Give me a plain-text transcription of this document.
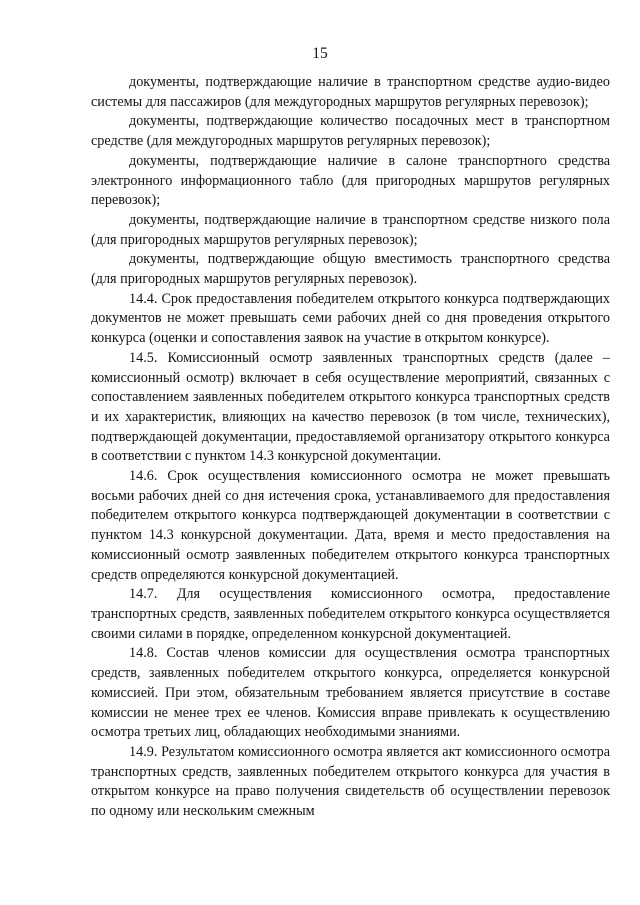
15

документы, подтверждающие наличие в транспортном средстве аудио-видео системы для пассажиров (для междугородных маршрутов регулярных перевозок);

документы, подтверждающие количество посадочных мест в транспортном средстве (для междугородных маршрутов регулярных перевозок);

документы, подтверждающие наличие в салоне транспортного средства электронного информационного табло (для пригородных маршрутов регулярных перевозок);

документы, подтверждающие наличие в транспортном средстве низкого пола (для пригородных маршрутов регулярных перевозок);

документы, подтверждающие общую вместимость транспортного средства (для пригородных маршрутов регулярных перевозок).

14.4. Срок предоставления победителем открытого конкурса подтверждающих документов не может превышать семи рабочих дней со дня проведения открытого конкурса (оценки и сопоставления заявок на участие в открытом конкурсе).

14.5. Комиссионный осмотр заявленных транспортных средств (далее – комиссионный осмотр) включает в себя осуществление мероприятий, связанных с сопоставлением заявленных победителем открытого конкурса транспортных средств и их характеристик, влияющих на качество перевозок (в том числе, технических), подтверждающей документации, предоставляемой организатору открытого конкурса в соответствии с пунктом 14.3 конкурсной документации.

14.6. Срок осуществления комиссионного осмотра не может превышать восьми рабочих дней со дня истечения срока, устанавливаемого для предоставления победителем открытого конкурса подтверждающей документации в соответствии с пунктом 14.3 конкурсной документации. Дата, время и место предоставления на комиссионный осмотр заявленных победителем открытого конкурса транспортных средств определяются конкурсной документацией.

14.7. Для осуществления комиссионного осмотра, предоставление транспортных средств, заявленных победителем открытого конкурса осуществляется своими силами в порядке, определенном конкурсной документацией.

14.8. Состав членов комиссии для осуществления осмотра транспортных средств, заявленных победителем открытого конкурса, определяется конкурсной комиссией. При этом, обязательным требованием является присутствие в составе комиссии не менее трех ее членов. Комиссия вправе привлекать к осуществлению осмотра третьих лиц, обладающих необходимыми знаниями.

14.9. Результатом комиссионного осмотра является акт комиссионного осмотра транспортных средств, заявленных победителем открытого конкурса для участия в открытом конкурсе на право получения свидетельств об осуществлении перевозок по одному или нескольким смежным
